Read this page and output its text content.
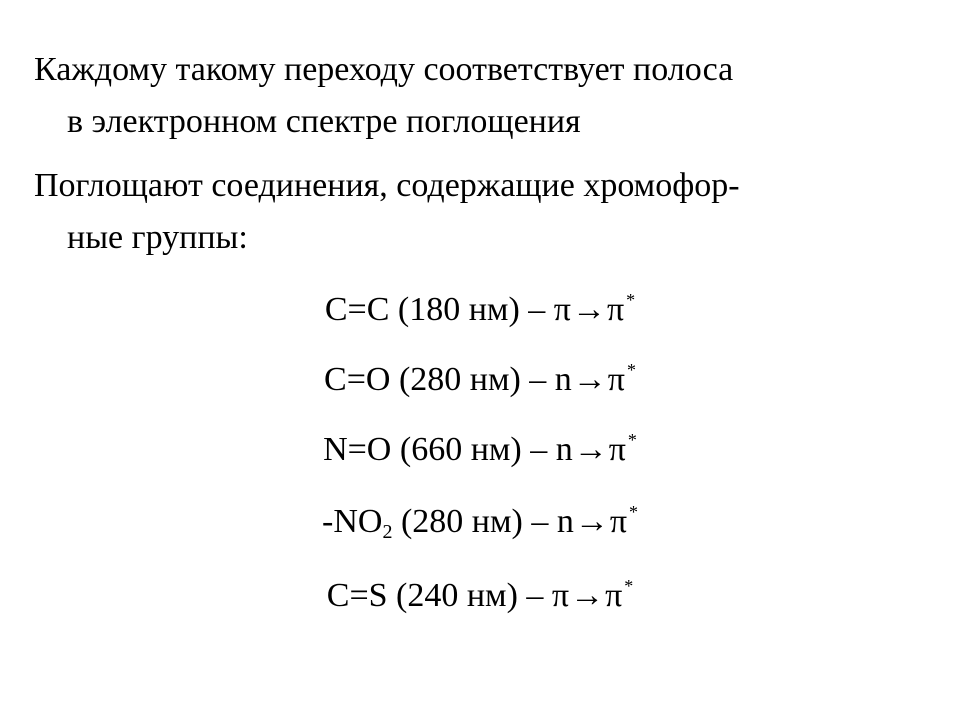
Каждому такому переходу соответствует полоса
в электронном спектре поглощения
Поглощают соединения, содержащие хромофор-
ные группы:
C=C (180 нм) – π→π *
C=O (280 нм) – n→π *
N=O (660 нм) – n→π *
$-NO_2$ (280 нм) – n→π *
C=S (240 нм) – π→π *
